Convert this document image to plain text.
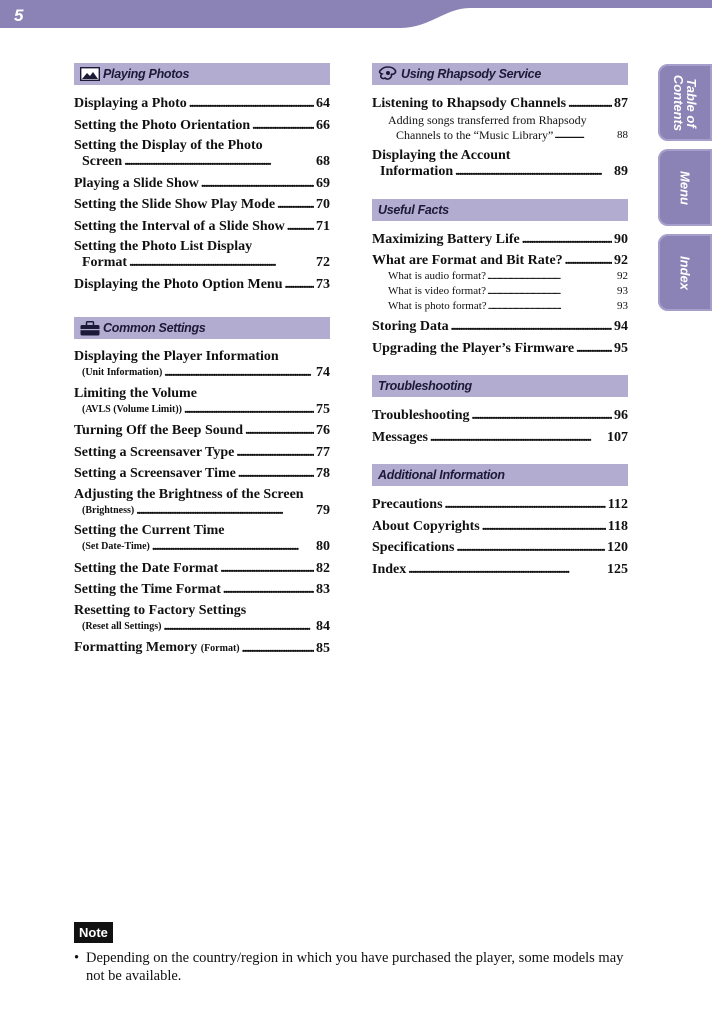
5
Playing Photos
Displaying a Photo . . .	64
Setting the Photo Orientation . . .	66
Setting the Display of the Photo
Screen . . .	68
Playing a Slide Show . . .	69
Setting the Slide Show Play Mode . . .	70
Setting the Interval of a Slide Show . . . 71
Setting the Photo List Display
Format . . .	72
Displaying the Photo Option Menu . . . 73
Common Settings
Displaying the Player Information
(Unit Information) . . .	74
Limiting the Volume
(AVLS (Volume Limit)) . . .	75
Turning Off the Beep Sound . . .	76
Setting a Screensaver Type . . .	77
Setting a Screensaver Time . . .	78
Adjusting the Brightness of the Screen
(Brightness) . . .	79
Setting the Current Time
(Set Date-Time) . . .	80
Setting the Date Format . . .	82
Setting the Time Format . . .	83
Resetting to Factory Settings
(Reset all Settings) . . .	84
Formatting Memory (Format) . . .	85
Using Rhapsody Service
Listening to Rhapsody Channels . . .	87
Adding songs transferred from Rhapsody
Channels to the “Music Library” . . .	88
Displaying the Account
Information . . .	89
Useful Facts
Maximizing Battery Life . . .	90
What are Format and Bit Rate? . . .	92
What is audio format? . . .	92
What is video format? . . .	93
What is photo format? . . .	93
Storing Data . . .	94
Upgrading the Player’s Firmware . . .	95
Troubleshooting
Troubleshooting . . .	96
Messages . . .	107
Additional Information
Precautions . . .	112
About Copyrights . . .	118
Specifications . . .	120
Index . . .	125
Table of
Contents
Menu
Index
Note
• Depending on the country/region in which you have purchased the player, some models may not be available.
